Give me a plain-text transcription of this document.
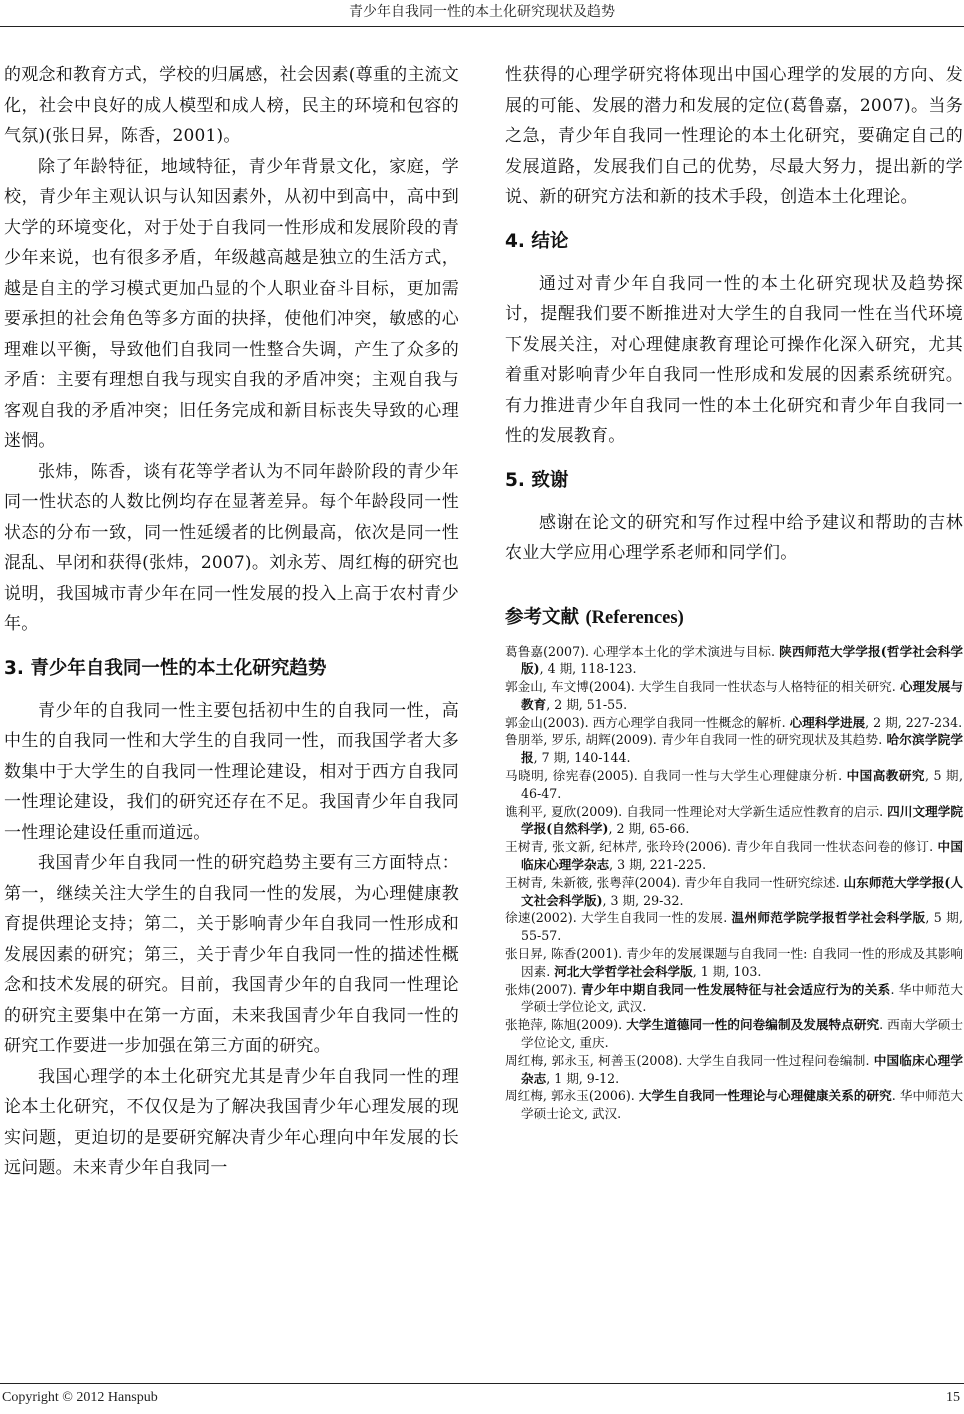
青少年自我同一性的本土化研究现状及趋势

的观念和教育方式，学校的归属感，社会因素(尊重的主流文化，社会中良好的成人模型和成人榜，民主的环境和包容的气氛)(张日昇，陈香，2001)。

除了年龄特征，地域特征，青少年背景文化，家庭，学校，青少年主观认识与认知因素外，从初中到高中，高中到大学的环境变化，对于处于自我同一性形成和发展阶段的青少年来说，也有很多矛盾，年级越高越是独立的生活方式，越是自主的学习模式更加凸显的个人职业奋斗目标，更加需要承担的社会角色等多方面的抉择，使他们冲突，敏感的心理难以平衡，导致他们自我同一性整合失调，产生了众多的矛盾：主要有理想自我与现实自我的矛盾冲突；主观自我与客观自我的矛盾冲突；旧任务完成和新目标丧失导致的心理迷惘。

张炜，陈香，谈有花等学者认为不同年龄阶段的青少年同一性状态的人数比例均存在显著差异。每个年龄段同一性状态的分布一致，同一性延缓者的比例最高，依次是同一性混乱、早闭和获得(张炜，2007)。刘永芳、周红梅的研究也说明，我国城市青少年在同一性发展的投入上高于农村青少年。

3. 青少年自我同一性的本土化研究趋势

青少年的自我同一性主要包括初中生的自我同一性，高中生的自我同一性和大学生的自我同一性，而我国学者大多数集中于大学生的自我同一性理论建设，相对于西方自我同一性理论建设，我们的研究还存在不足。我国青少年自我同一性理论建设任重而道远。

我国青少年自我同一性的研究趋势主要有三方面特点：第一，继续关注大学生的自我同一性的发展，为心理健康教育提供理论支持；第二，关于影响青少年自我同一性形成和发展因素的研究；第三，关于青少年自我同一性的描述性概念和技术发展的研究。目前，我国青少年的自我同一性理论的研究主要集中在第一方面，未来我国青少年自我同一性的研究工作要进一步加强在第三方面的研究。

我国心理学的本土化研究尤其是青少年自我同一性的理论本土化研究，不仅仅是为了解决我国青少年心理发展的现实问题，更迫切的是要研究解决青少年心理向中年发展的长远问题。未来青少年自我同一

性获得的心理学研究将体现出中国心理学的发展的方向、发展的可能、发展的潜力和发展的定位(葛鲁嘉，2007)。当务之急，青少年自我同一性理论的本土化研究，要确定自己的发展道路，发展我们自己的优势，尽最大努力，提出新的学说、新的研究方法和新的技术手段，创造本土化理论。

4. 结论

通过对青少年自我同一性的本土化研究现状及趋势探讨，提醒我们要不断推进对大学生的自我同一性在当代环境下发展关注，对心理健康教育理论可操作化深入研究，尤其着重对影响青少年自我同一性形成和发展的因素系统研究。有力推进青少年自我同一性的本土化研究和青少年自我同一性的发展教育。

5. 致谢

感谢在论文的研究和写作过程中给予建议和帮助的吉林农业大学应用心理学系老师和同学们。

参考文献 (References)
葛鲁嘉(2007). 心理学本土化的学术演进与目标. 陕西师范大学学报(哲学社会科学版), 4 期, 118-123.
郭金山, 车文博(2004). 大学生自我同一性状态与人格特征的相关研究. 心理发展与教育, 2 期, 51-55.
郭金山(2003). 西方心理学自我同一性概念的解析. 心理科学进展, 2 期, 227-234.
鲁朋举, 罗乐, 胡辉(2009). 青少年自我同一性的研究现状及其趋势. 哈尔滨学院学报, 7 期, 140-144.
马晓明, 徐宪春(2005). 自我同一性与大学生心理健康分析. 中国高教研究, 5 期, 46-47.
谯利平, 夏欣(2009). 自我同一性理论对大学新生适应性教育的启示. 四川文理学院学报(自然科学), 2 期, 65-66.
王树青, 张文新, 纪林芹, 张玲玲(2006). 青少年自我同一性状态问卷的修订. 中国临床心理学杂志, 3 期, 221-225.
王树青, 朱新筱, 张粤萍(2004). 青少年自我同一性研究综述. 山东师范大学学报(人文社会科学版), 3 期, 29-32.
徐速(2002). 大学生自我同一性的发展. 温州师范学院学报哲学社会科学版, 5 期, 55-57.
张日昇, 陈香(2001). 青少年的发展课题与自我同一性: 自我同一性的形成及其影响因素. 河北大学哲学社会科学版, 1 期, 103.
张炜(2007). 青少年中期自我同一性发展特征与社会适应行为的关系. 华中师范大学硕士学位论文, 武汉.
张艳萍, 陈旭(2009). 大学生道德同一性的问卷编制及发展特点研究. 西南大学硕士学位论文, 重庆.
周红梅, 郭永玉, 柯善玉(2008). 大学生自我同一性过程问卷编制. 中国临床心理学杂志, 1 期, 9-12.
周红梅, 郭永玉(2006). 大学生自我同一性理论与心理健康关系的研究. 华中师范大学硕士论文, 武汉.
Copyright © 2012 Hanspub	15
